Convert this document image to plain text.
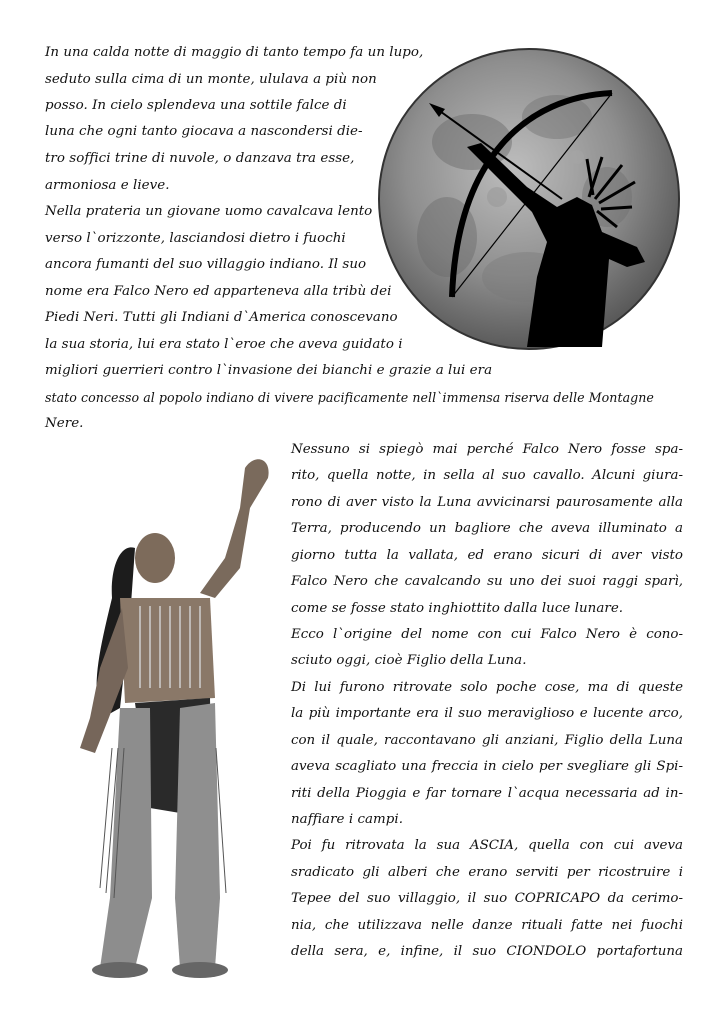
In una calda notte di maggio di tanto tempo fa un lupo,
seduto sulla cima di un monte, ululava a più non
posso. In cielo splendeva una sottile falce di
luna che ogni tanto giocava a nascondersi die-
tro soffici trine di nuvole, o danzava tra esse,
armoniosa e lieve.
Nella prateria un giovane uomo cavalcava lento
verso l`orizzonte, lasciandosi dietro i fuochi
ancora fumanti del suo villaggio indiano. Il suo
nome era Falco Nero ed apparteneva alla tribù dei
Piedi Neri. Tutti gli Indiani d`America conoscevano
la sua storia, lui era stato l`eroe che aveva guidato i
migliori guerrieri contro l`invasione dei bianchi e grazie a lui era
stato concesso al popolo indiano di vivere pacificamente nell`immensa riserva delle Montagne
Nere.
Nessuno si spiegò mai perché Falco Nero fosse spa-
rito, quella notte, in sella al suo cavallo. Alcuni giura-
rono di aver visto la Luna avvicinarsi paurosamente alla
Terra, producendo un bagliore che aveva illuminato a
giorno tutta la vallata, ed erano sicuri di aver visto
Falco Nero che cavalcando su uno dei suoi raggi sparì,
come se fosse stato inghiottito dalla luce lunare.
Ecco l`origine del nome con cui Falco Nero è cono-
sciuto oggi, cioè Figlio della Luna.
Di lui furono ritrovate solo poche cose, ma di queste
la più importante era il suo meraviglioso e lucente arco,
con il quale, raccontavano gli anziani, Figlio della Luna
aveva scagliato una freccia in cielo per svegliare gli Spi-
riti della Pioggia e far tornare l`acqua necessaria ad in-
naffiare i campi.
Poi fu ritrovata la sua ASCIA, quella con cui aveva
sradicato gli alberi che erano serviti per ricostruire i
Tepee del suo villaggio, il suo COPRICAPO da cerimo-
nia, che utilizzava nelle danze rituali fatte nei fuochi
della sera, e, infine, il suo CIONDOLO portafortuna
